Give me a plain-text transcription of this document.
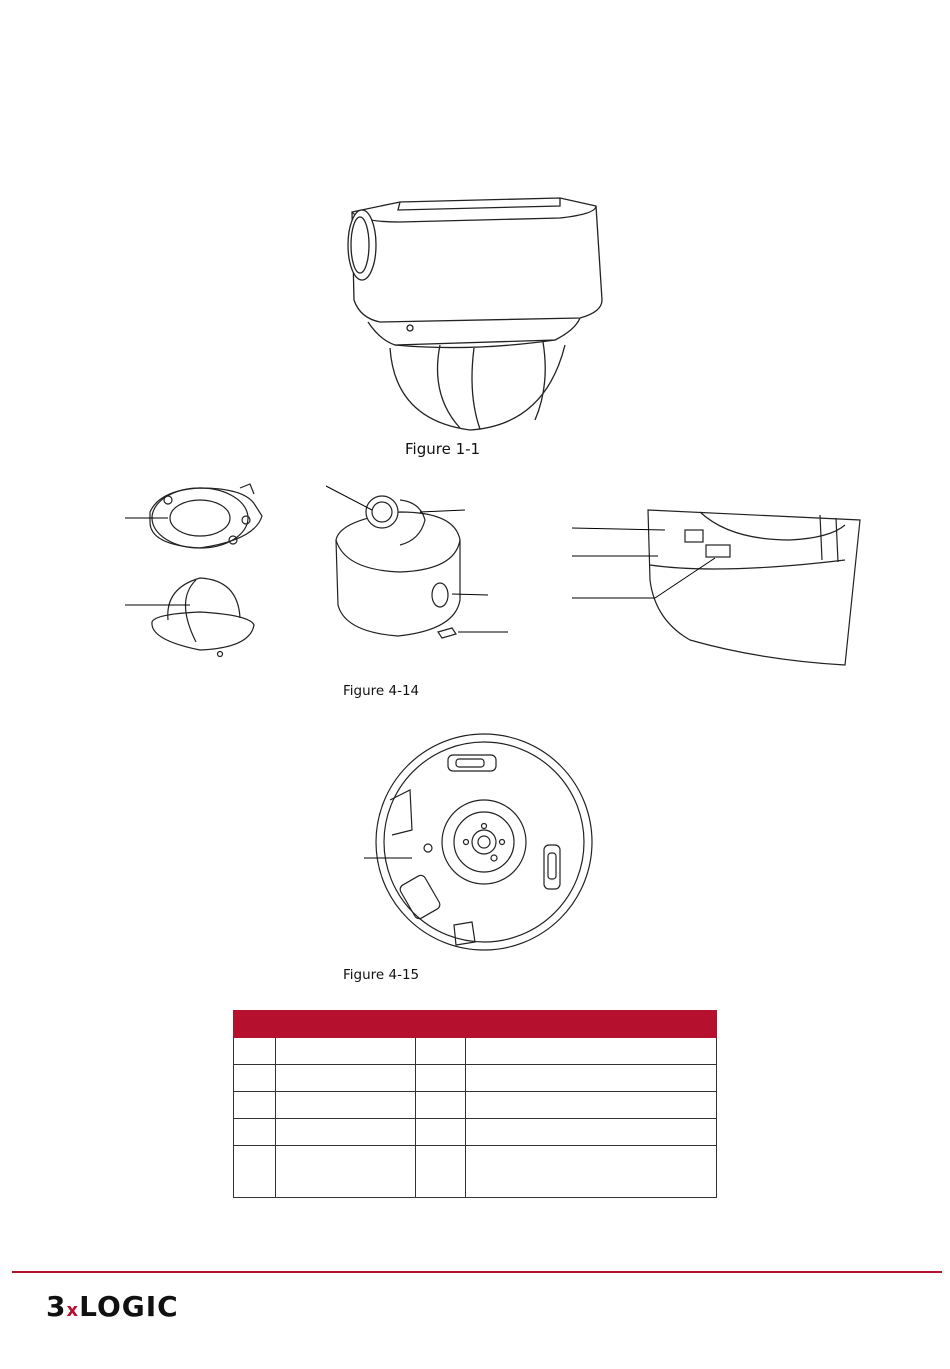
Figure 1-1
Figure 4-14
Figure 4-15

3xLOGIC
